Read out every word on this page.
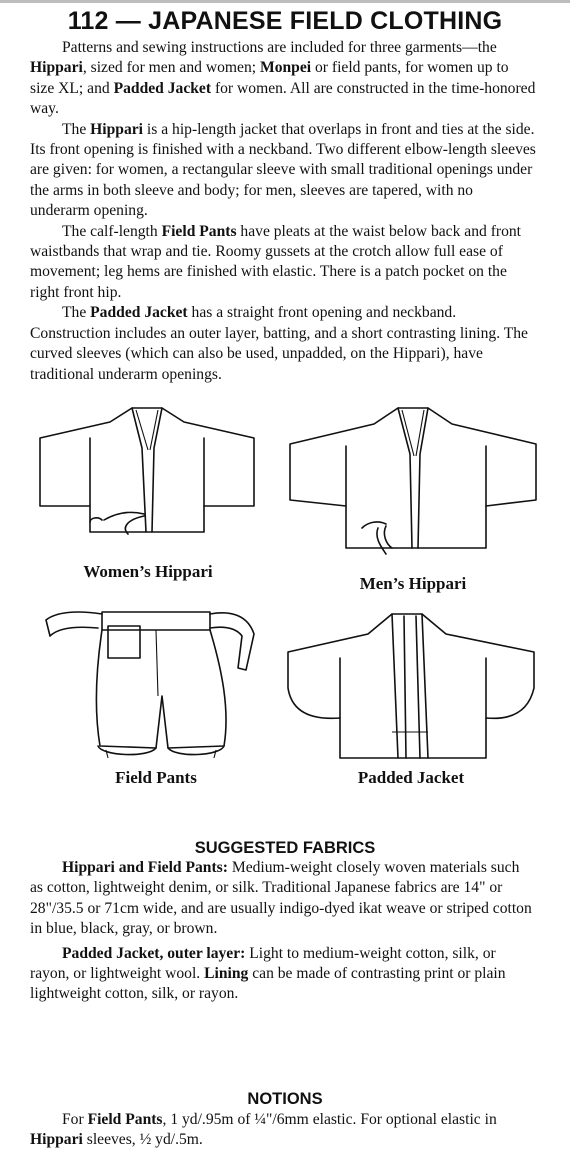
112 — JAPANESE FIELD CLOTHING

Patterns and sewing instructions are included for three garments—the Hippari, sized for men and women; Monpei or field pants, for women up to size XL; and Padded Jacket for women. All are constructed in the time-honored way.

The Hippari is a hip-length jacket that overlaps in front and ties at the side. Its front opening is finished with a neckband. Two different elbow-length sleeves are given: for women, a rectangular sleeve with small traditional openings under the arms in both sleeve and body; for men, sleeves are tapered, with no underarm opening.

The calf-length Field Pants have pleats at the waist below back and front waistbands that wrap and tie. Roomy gussets at the crotch allow full ease of movement; leg hems are finished with elastic. There is a patch pocket on the right front hip.

The Padded Jacket has a straight front opening and neckband. Construction includes an outer layer, batting, and a short contrasting lining. The curved sleeves (which can also be used, unpadded, on the Hippari), have traditional underarm openings.

Women’s Hippari
Men’s Hippari
Field Pants	Padded Jacket
SUGGESTED FABRICS

Hippari and Field Pants: Medium-weight closely woven materials such as cotton, lightweight denim, or silk. Traditional Japanese fabrics are 14" or 28"/35.5 or 71cm wide, and are usually indigo-dyed ikat weave or striped cotton in blue, black, gray, or brown.

Padded Jacket, outer layer: Light to medium-weight cotton, silk, or rayon, or lightweight wool. Lining can be made of contrasting print or plain lightweight cotton, silk, or rayon.

NOTIONS

For Field Pants, 1 yd/.95m of ¼"/6mm elastic. For optional elastic in Hippari sleeves, ½ yd/.5m.
